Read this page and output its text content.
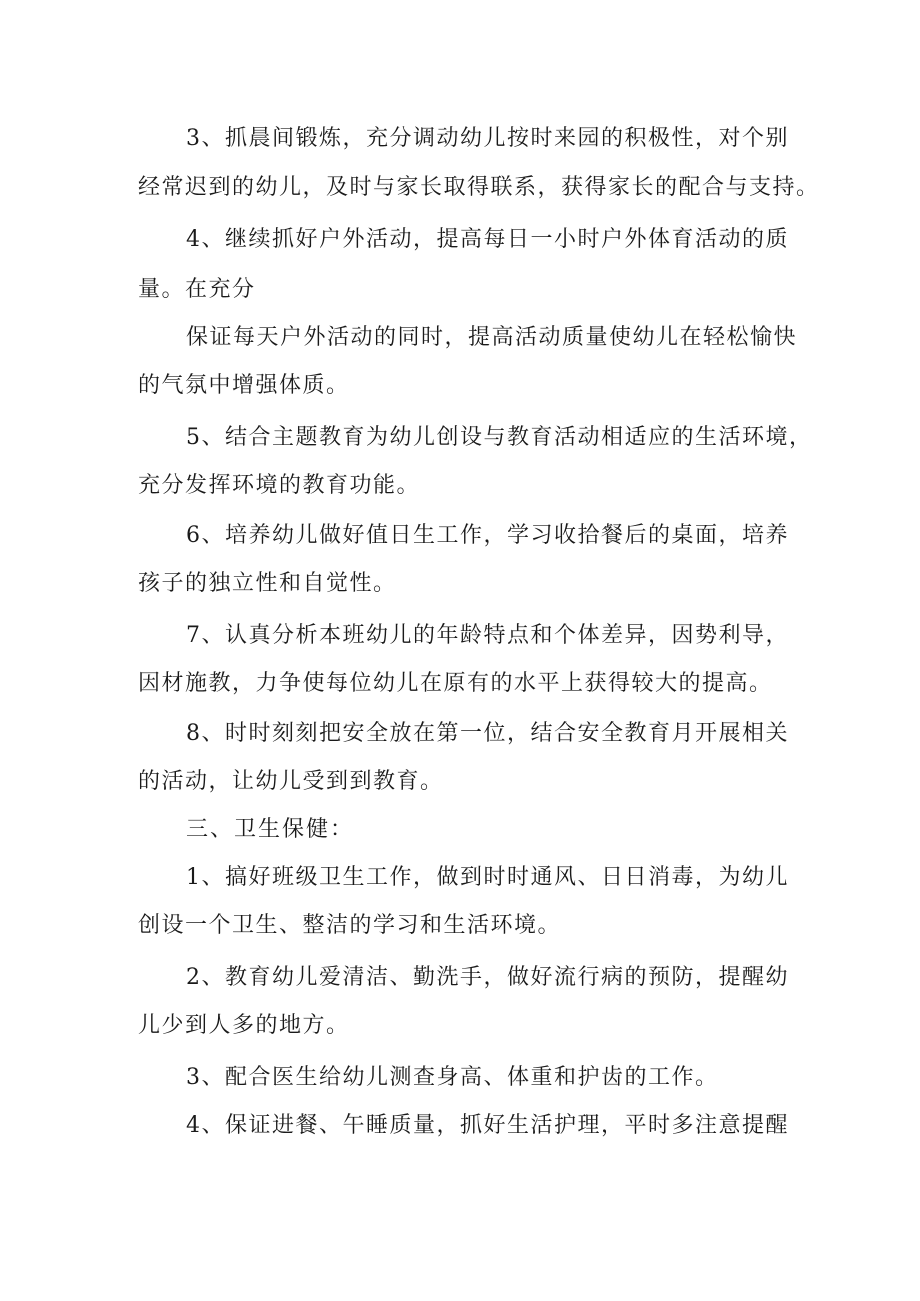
3、抓晨间锻炼，充分调动幼儿按时来园的积极性，对个别
经常迟到的幼儿，及时与家长取得联系，获得家长的配合与支持。
4、继续抓好户外活动，提高每日一小时户外体育活动的质
量。在充分
保证每天户外活动的同时，提高活动质量使幼儿在轻松愉快
的气氛中增强体质。
5、结合主题教育为幼儿创设与教育活动相适应的生活环境，
充分发挥环境的教育功能。
6、培养幼儿做好值日生工作，学习收拾餐后的桌面，培养
孩子的独立性和自觉性。
7、认真分析本班幼儿的年龄特点和个体差异，因势利导，
因材施教，力争使每位幼儿在原有的水平上获得较大的提高。
8、时时刻刻把安全放在第一位，结合安全教育月开展相关
的活动，让幼儿受到到教育。
三、卫生保健：
1、搞好班级卫生工作，做到时时通风、日日消毒，为幼儿
创设一个卫生、整洁的学习和生活环境。
2、教育幼儿爱清洁、勤洗手，做好流行病的预防，提醒幼
儿少到人多的地方。
3、配合医生给幼儿测查身高、体重和护齿的工作。
4、保证进餐、午睡质量，抓好生活护理，平时多注意提醒
